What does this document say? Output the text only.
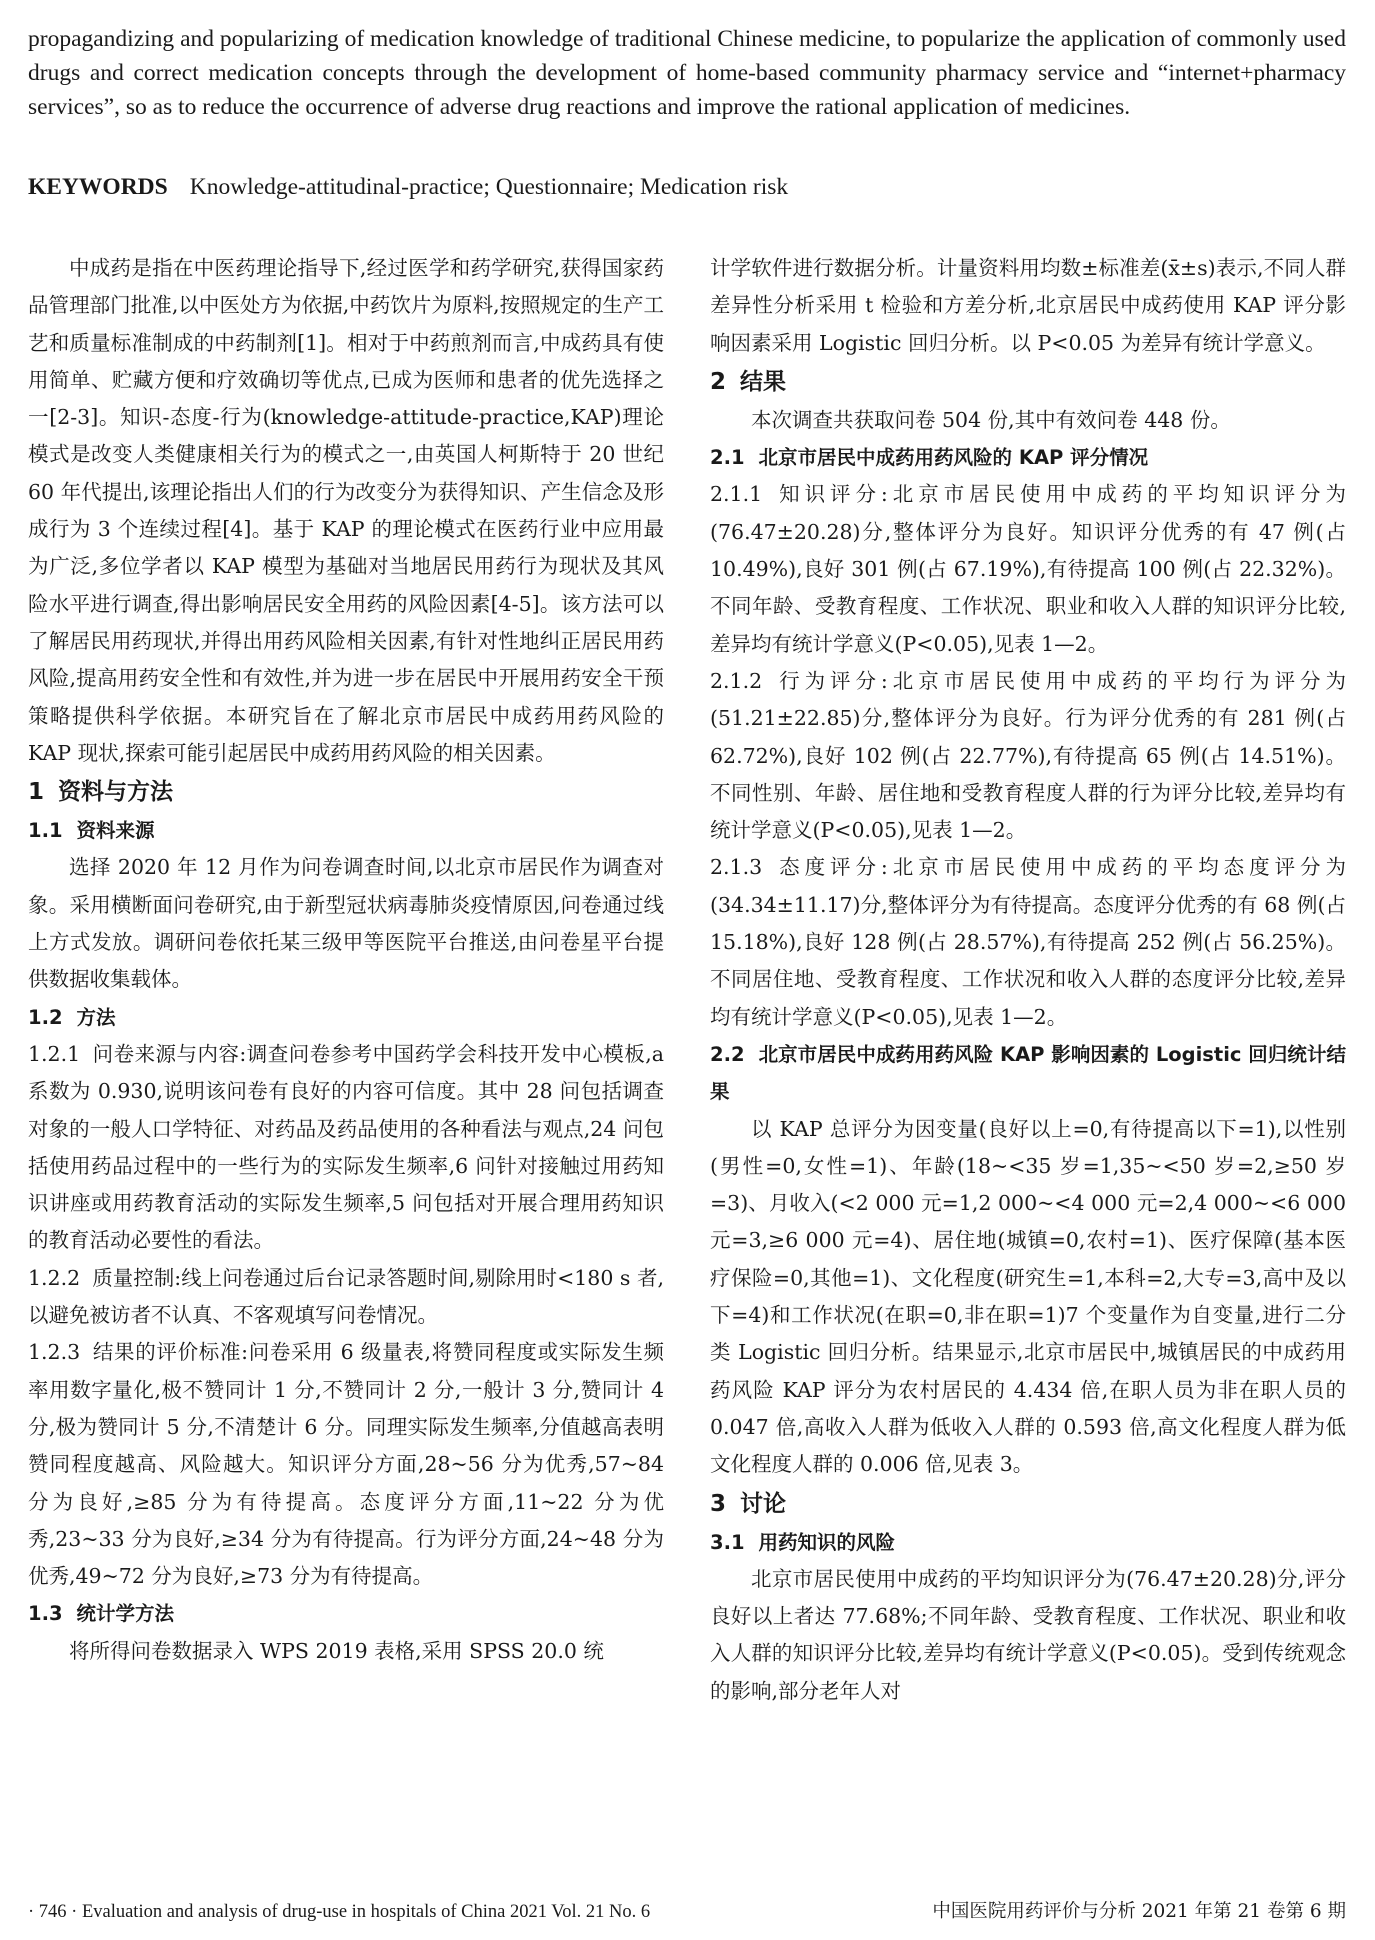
propagandizing and popularizing of medication knowledge of traditional Chinese medicine, to popularize the application of commonly used drugs and correct medication concepts through the development of home-based community pharmacy service and “internet+pharmacy services”, so as to reduce the occurrence of adverse drug reactions and improve the rational application of medicines.
KEYWORDS Knowledge-attitudinal-practice; Questionnaire; Medication risk

中成药是指在中医药理论指导下,经过医学和药学研究,获得国家药品管理部门批准,以中医处方为依据,中药饮片为原料,按照规定的生产工艺和质量标准制成的中药制剂[1]。相对于中药煎剂而言,中成药具有使用简单、贮藏方便和疗效确切等优点,已成为医师和患者的优先选择之一[2-3]。知识-态度-行为(knowledge-attitude-practice,KAP)理论模式是改变人类健康相关行为的模式之一,由英国人柯斯特于 20 世纪 60 年代提出,该理论指出人们的行为改变分为获得知识、产生信念及形成行为 3 个连续过程[4]。基于 KAP 的理论模式在医药行业中应用最为广泛,多位学者以 KAP 模型为基础对当地居民用药行为现状及其风险水平进行调查,得出影响居民安全用药的风险因素[4-5]。该方法可以了解居民用药现状,并得出用药风险相关因素,有针对性地纠正居民用药风险,提高用药安全性和有效性,并为进一步在居民中开展用药安全干预策略提供科学依据。本研究旨在了解北京市居民中成药用药风险的 KAP 现状,探索可能引起居民中成药用药风险的相关因素。

1 资料与方法
1.1 资料来源

选择 2020 年 12 月作为问卷调查时间,以北京市居民作为调查对象。采用横断面问卷研究,由于新型冠状病毒肺炎疫情原因,问卷通过线上方式发放。调研问卷依托某三级甲等医院平台推送,由问卷星平台提供数据收集载体。

1.2 方法

1.2.1 问卷来源与内容:调查问卷参考中国药学会科技开发中心模板,a 系数为 0.930,说明该问卷有良好的内容可信度。其中 28 问包括调查对象的一般人口学特征、对药品及药品使用的各种看法与观点,24 问包括使用药品过程中的一些行为的实际发生频率,6 问针对接触过用药知识讲座或用药教育活动的实际发生频率,5 问包括对开展合理用药知识的教育活动必要性的看法。

1.2.2 质量控制:线上问卷通过后台记录答题时间,剔除用时<180 s 者,以避免被访者不认真、不客观填写问卷情况。

1.2.3 结果的评价标准:问卷采用 6 级量表,将赞同程度或实际发生频率用数字量化,极不赞同计 1 分,不赞同计 2 分,一般计 3 分,赞同计 4 分,极为赞同计 5 分,不清楚计 6 分。同理实际发生频率,分值越高表明赞同程度越高、风险越大。知识评分方面,28~56 分为优秀,57~84 分为良好,≥85 分为有待提高。态度评分方面,11~22 分为优秀,23~33 分为良好,≥34 分为有待提高。行为评分方面,24~48 分为优秀,49~72 分为良好,≥73 分为有待提高。

1.3 统计学方法

将所得问卷数据录入 WPS 2019 表格,采用 SPSS 20.0 统

计学软件进行数据分析。计量资料用均数±标准差(x̄±s)表示,不同人群差异性分析采用 t 检验和方差分析,北京居民中成药使用 KAP 评分影响因素采用 Logistic 回归分析。以 P<0.05 为差异有统计学意义。

2 结果

本次调查共获取问卷 504 份,其中有效问卷 448 份。

2.1 北京市居民中成药用药风险的 KAP 评分情况

2.1.1 知识评分:北京市居民使用中成药的平均知识评分为(76.47±20.28)分,整体评分为良好。知识评分优秀的有 47 例(占 10.49%),良好 301 例(占 67.19%),有待提高 100 例(占 22.32%)。不同年龄、受教育程度、工作状况、职业和收入人群的知识评分比较,差异均有统计学意义(P<0.05),见表 1—2。

2.1.2 行为评分:北京市居民使用中成药的平均行为评分为(51.21±22.85)分,整体评分为良好。行为评分优秀的有 281 例(占 62.72%),良好 102 例(占 22.77%),有待提高 65 例(占 14.51%)。不同性别、年龄、居住地和受教育程度人群的行为评分比较,差异均有统计学意义(P<0.05),见表 1—2。

2.1.3 态度评分:北京市居民使用中成药的平均态度评分为(34.34±11.17)分,整体评分为有待提高。态度评分优秀的有 68 例(占 15.18%),良好 128 例(占 28.57%),有待提高 252 例(占 56.25%)。不同居住地、受教育程度、工作状况和收入人群的态度评分比较,差异均有统计学意义(P<0.05),见表 1—2。

2.2 北京市居民中成药用药风险 KAP 影响因素的 Logistic 回归统计结果

以 KAP 总评分为因变量(良好以上=0,有待提高以下=1),以性别(男性=0,女性=1)、年龄(18~<35 岁=1,35~<50 岁=2,≥50 岁=3)、月收入(<2 000 元=1,2 000~<4 000 元=2,4 000~<6 000 元=3,≥6 000 元=4)、居住地(城镇=0,农村=1)、医疗保障(基本医疗保险=0,其他=1)、文化程度(研究生=1,本科=2,大专=3,高中及以下=4)和工作状况(在职=0,非在职=1)7 个变量作为自变量,进行二分类 Logistic 回归分析。结果显示,北京市居民中,城镇居民的中成药用药风险 KAP 评分为农村居民的 4.434 倍,在职人员为非在职人员的 0.047 倍,高收入人群为低收入人群的 0.593 倍,高文化程度人群为低文化程度人群的 0.006 倍,见表 3。

3 讨论
3.1 用药知识的风险

北京市居民使用中成药的平均知识评分为(76.47±20.28)分,评分良好以上者达 77.68%;不同年龄、受教育程度、工作状况、职业和收入人群的知识评分比较,差异均有统计学意义(P<0.05)。受到传统观念的影响,部分老年人对

· 746 · Evaluation and analysis of drug-use in hospitals of China 2021 Vol. 21 No. 6	中国医院用药评价与分析 2021 年第 21 卷第 6 期
